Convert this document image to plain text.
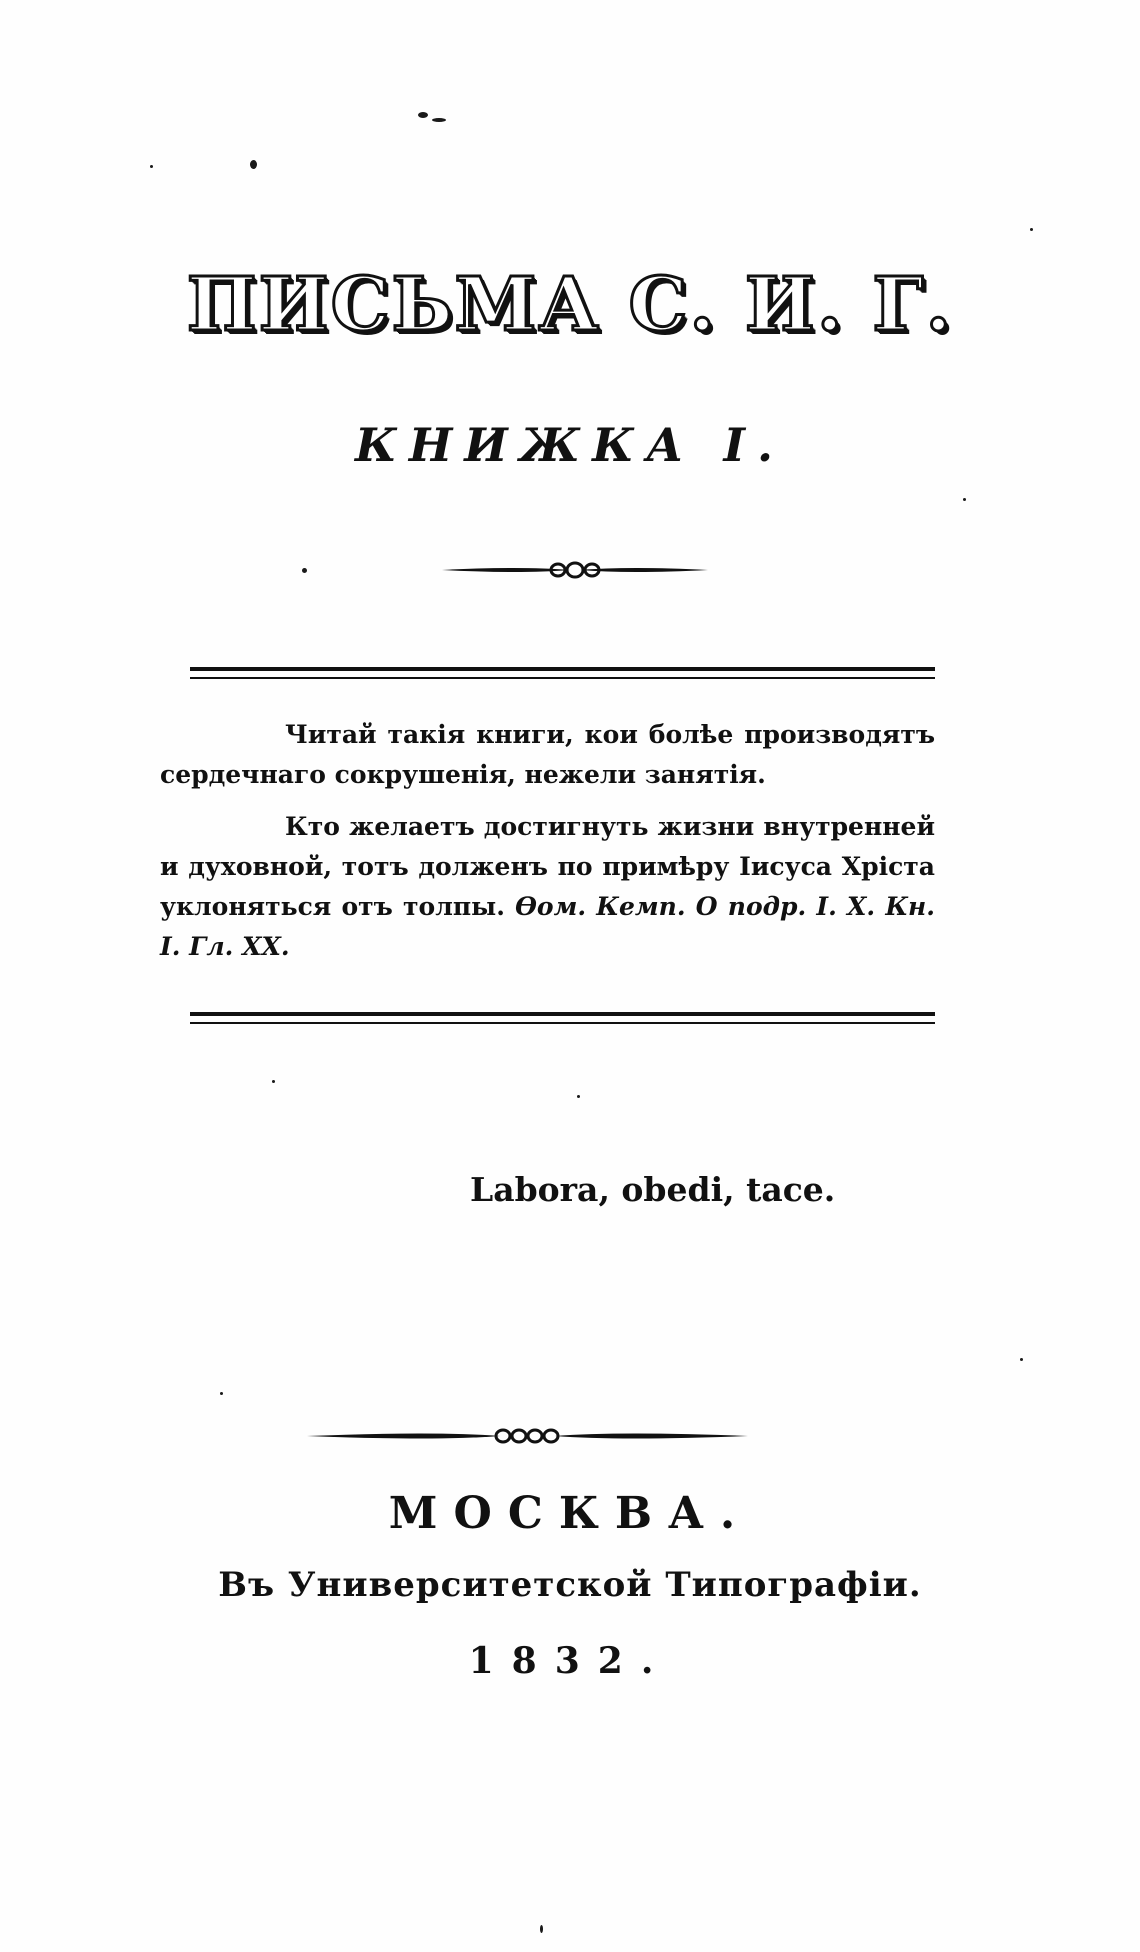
ПИСЬМА С. И. Г.
КНИЖКА I.

Читай такія книги, кои болѣе производятъ сердечнаго сокрушенія, нежели занятія.

Кто желаетъ достигнуть жизни внутренней и духовной, тотъ долженъ по примѣру Іисуса Хріста уклоняться отъ толпы. Ѳом. Кемп. О подр. I. X. Кн. I. Гл. XX.

Labora, obedi, tace.
МОСКВА.
Въ Университетской Типографіи.
1832.
